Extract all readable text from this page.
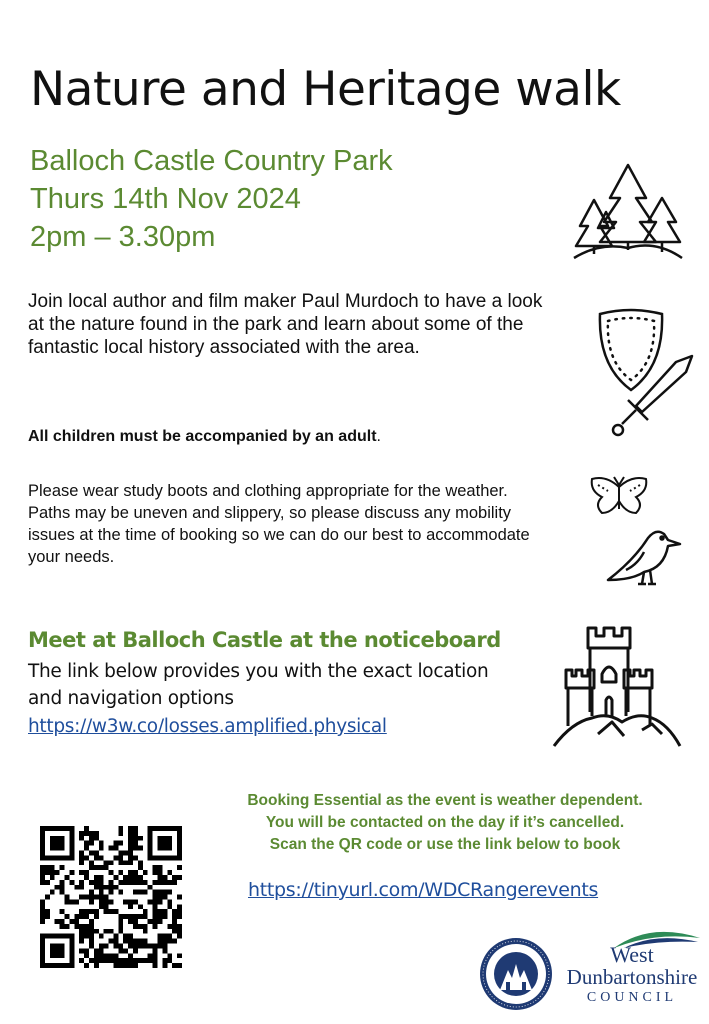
Nature and Heritage walk
Balloch Castle Country Park
Thurs 14th Nov 2024
2pm – 3.30pm
Join local author and film maker Paul Murdoch to have a look at the nature found in the park and learn about some of the fantastic local history associated with the area.
All children must be accompanied by an adult.
Please wear study boots and clothing appropriate for the weather. Paths may be uneven and slippery, so please discuss any mobility issues at the time of booking so we can do our best to accommodate your needs.
Meet at Balloch Castle at the noticeboard
The link below provides you with the exact location
and navigation options
https://w3w.co/losses.amplified.physical
Booking Essential as the event is weather dependent.
You will be contacted on the day if it’s cancelled.
Scan the QR code or use the link below to book
https://tinyurl.com/WDCRangerevents
West
Dunbartonshire
COUNCIL
